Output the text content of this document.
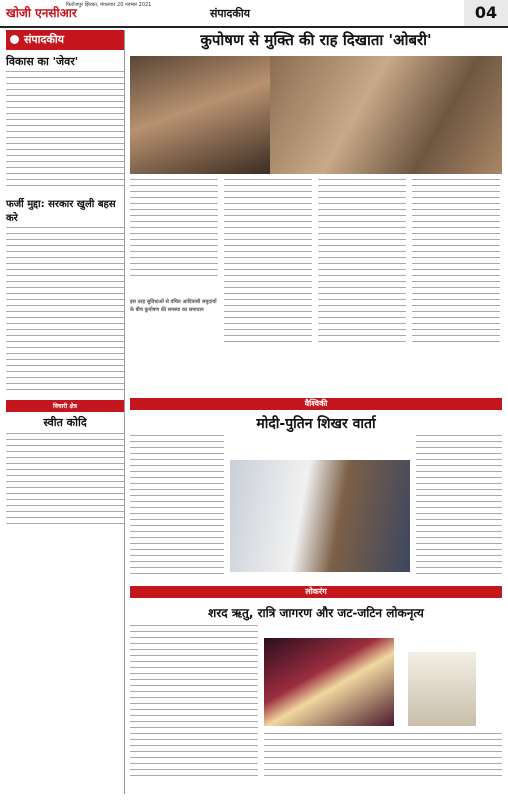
खोजी एनसीआर
फिरोजपुर झिरका, मंगलवार 20 नवम्बर 2021
संपादकीय	04
संपादकीय
विकास का 'जेवर'
फर्जी मुद्दा: सरकार खुली बहस करे
विचारी क्षेत्र
स्वीत कोदि
कुपोषण से मुक्ति की राह दिखाता 'ओबरी'
इस तरह सुविधाओं से वंचित आदिवासी समुदायों के बीच कुपोषण की समस्या का समाधान
वैश्विकी
मोदी-पुतिन शिखर वार्ता
लोकरंग
शरद ऋतु, रात्रि जागरण और जट-जटिन लोकनृत्य
